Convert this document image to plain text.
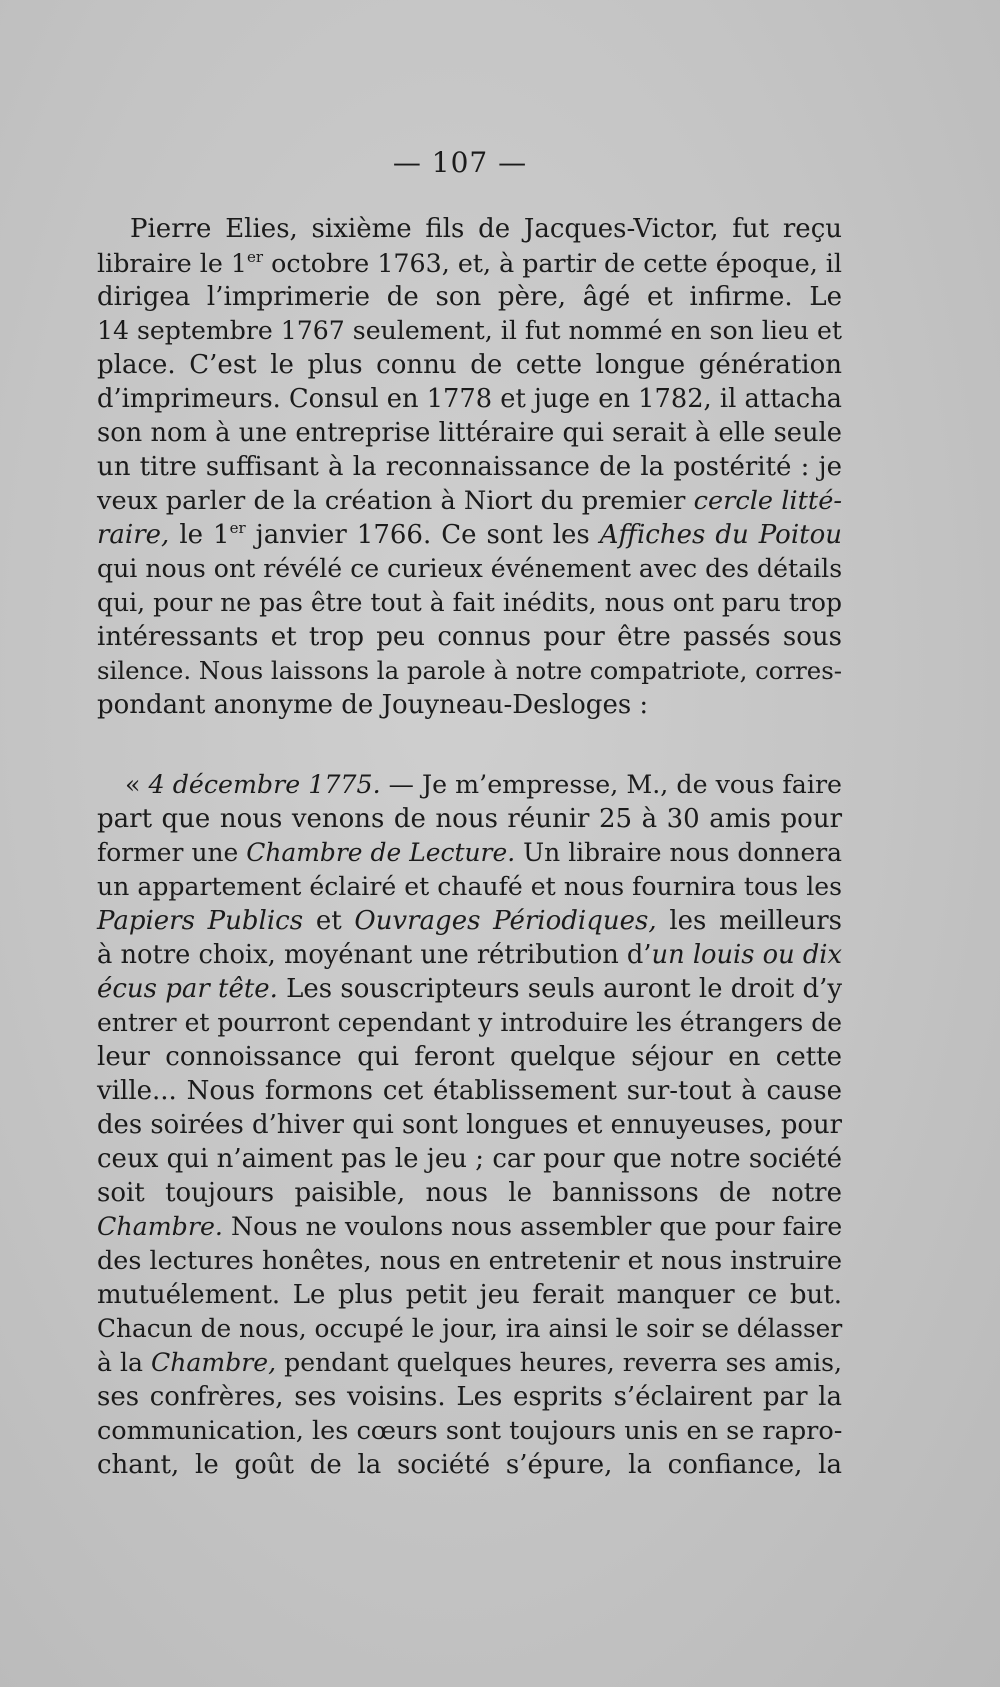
— 107 —
Pierre Elies, sixième fils de Jacques-Victor, fut reçu
libraire le 1er octobre 1763, et, à partir de cette époque, il
dirigea l’imprimerie de son père, âgé et infirme. Le
14 septembre 1767 seulement, il fut nommé en son lieu et
place. C’est le plus connu de cette longue génération
d’imprimeurs. Consul en 1778 et juge en 1782, il attacha
son nom à une entreprise littéraire qui serait à elle seule
un titre suffisant à la reconnaissance de la postérité : je
veux parler de la création à Niort du premier cercle litté-
raire, le 1er janvier 1766. Ce sont les Affiches du Poitou
qui nous ont révélé ce curieux événement avec des détails
qui, pour ne pas être tout à fait inédits, nous ont paru trop
intéressants et trop peu connus pour être passés sous
silence. Nous laissons la parole à notre compatriote, corres-
pondant anonyme de Jouyneau-Desloges :
« 4 décembre 1775. — Je m’empresse, M., de vous faire
part que nous venons de nous réunir 25 à 30 amis pour
former une Chambre de Lecture. Un libraire nous donnera
un appartement éclairé et chaufé et nous fournira tous les
Papiers Publics et Ouvrages Périodiques, les meilleurs
à notre choix, moyénant une rétribution d’un louis ou dix
écus par tête. Les souscripteurs seuls auront le droit d’y
entrer et pourront cependant y introduire les étrangers de
leur connoissance qui feront quelque séjour en cette
ville... Nous formons cet établissement sur-tout à cause
des soirées d’hiver qui sont longues et ennuyeuses, pour
ceux qui n’aiment pas le jeu ; car pour que notre société
soit toujours paisible, nous le bannissons de notre
Chambre. Nous ne voulons nous assembler que pour faire
des lectures honêtes, nous en entretenir et nous instruire
mutuélement. Le plus petit jeu ferait manquer ce but.
Chacun de nous, occupé le jour, ira ainsi le soir se délasser
à la Chambre, pendant quelques heures, reverra ses amis,
ses confrères, ses voisins. Les esprits s’éclairent par la
communication, les cœurs sont toujours unis en se rapro-
chant, le goût de la société s’épure, la confiance, la
